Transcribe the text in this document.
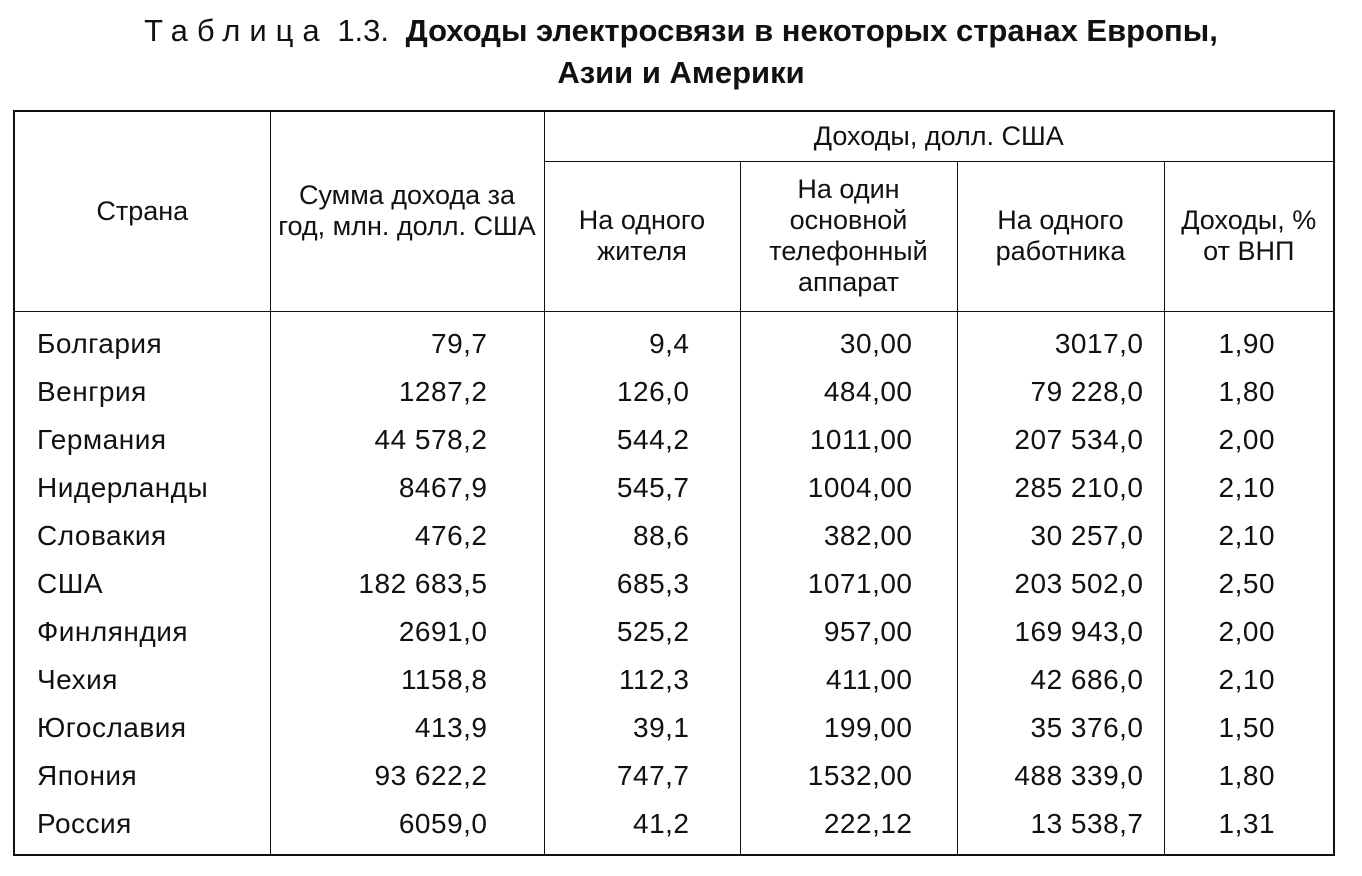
Таблица 1.3. Доходы электросвязи в некоторых странах Европы,
Азии и Америки
Страна	Сумма дохода за год, млн. долл. США	Доходы, долл. США			
		На одного жителя	На один основной телефонный аппарат	На одного работника	Доходы, % от ВНП
Болгария	79,7	9,4	30,00	3017,0	1,90
Венгрия	1287,2	126,0	484,00	79 228,0	1,80
Германия	44 578,2	544,2	1011,00	207 534,0	2,00
Нидерланды	8467,9	545,7	1004,00	285 210,0	2,10
Словакия	476,2	88,6	382,00	30 257,0	2,10
США	182 683,5	685,3	1071,00	203 502,0	2,50
Финляндия	2691,0	525,2	957,00	169 943,0	2,00
Чехия	1158,8	112,3	411,00	42 686,0	2,10
Югославия	413,9	39,1	199,00	35 376,0	1,50
Япония	93 622,2	747,7	1532,00	488 339,0	1,80
Россия	6059,0	41,2	222,12	13 538,7	1,31
